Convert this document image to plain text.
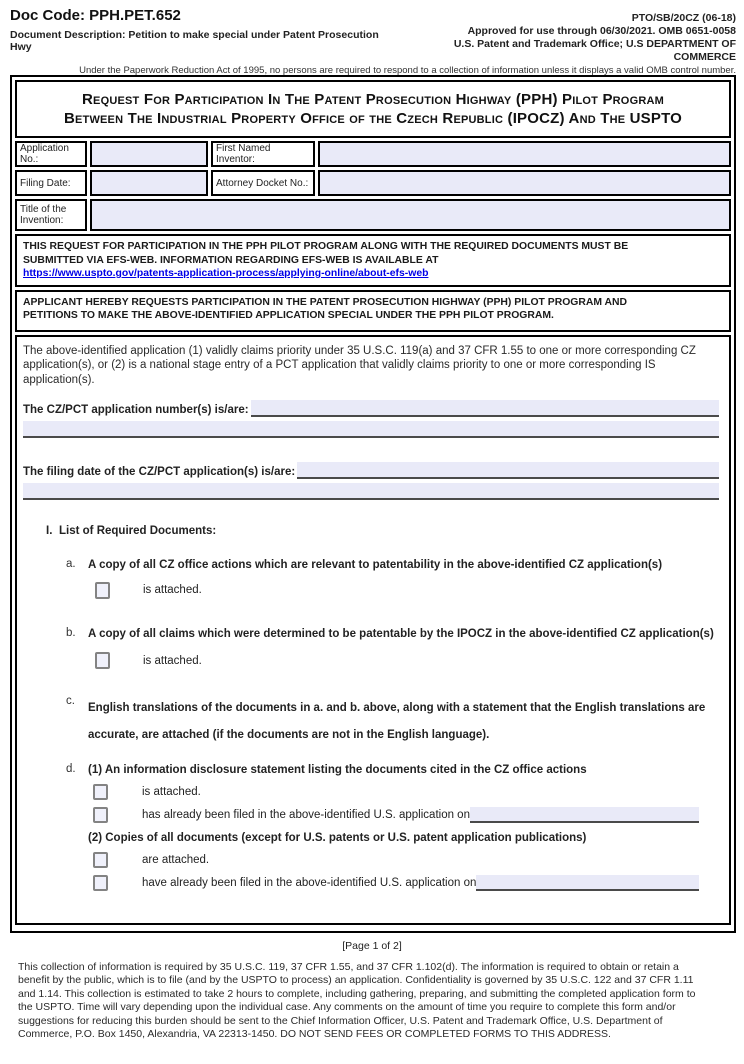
Doc Code: PPH.PET.652
Document Description: Petition to make special under Patent Prosecution Hwy
PTO/SB/20CZ (06-18)
Approved for use through 06/30/2021. OMB 0651-0058
U.S. Patent and Trademark Office; U.S DEPARTMENT OF COMMERCE
Under the Paperwork Reduction Act of 1995, no persons are required to respond to a collection of information unless it displays a valid OMB control number.
Request For Participation In The Patent Prosecution Highway (PPH) Pilot Program
Between The Industrial Property Office of the Czech Republic (IPOCZ) And The USPTO
Application No.:
First Named Inventor:
Filing Date:	Attorney Docket No.:
Title of the Invention:
THIS REQUEST FOR PARTICIPATION IN THE PPH PILOT PROGRAM ALONG WITH THE REQUIRED DOCUMENTS MUST BE
SUBMITTED VIA EFS-WEB. INFORMATION REGARDING EFS-WEB IS AVAILABLE AT
https://www.uspto.gov/patents-application-process/applying-online/about-efs-web
APPLICANT HEREBY REQUESTS PARTICIPATION IN THE PATENT PROSECUTION HIGHWAY (PPH) PILOT PROGRAM AND
PETITIONS TO MAKE THE ABOVE-IDENTIFIED APPLICATION SPECIAL UNDER THE PPH PILOT PROGRAM.
The above-identified application (1) validly claims priority under 35 U.S.C. 119(a) and 37 CFR 1.55 to one or more corresponding CZ application(s), or (2) is a national stage entry of a PCT application that validly claims priority to one or more corresponding IS application(s).
The CZ/PCT application number(s) is/are:
The filing date of the CZ/PCT application(s) is/are:
I. List of Required Documents:
a.	A copy of all CZ office actions which are relevant to patentability in the above-identified CZ application(s)
is attached.
b.	A copy of all claims which were determined to be patentable by the IPOCZ in the above-identified CZ application(s)
is attached.
c.
English translations of the documents in a. and b. above, along with a statement that the English translations are accurate, are attached (if the documents are not in the English language).
d.	(1) An information disclosure statement listing the documents cited in the CZ office actions
is attached.
has already been filed in the above-identified U.S. application on
(2) Copies of all documents (except for U.S. patents or U.S. patent application publications)
are attached.
have already been filed in the above-identified U.S. application on
[Page 1 of 2]
This collection of information is required by 35 U.S.C. 119, 37 CFR 1.55, and 37 CFR 1.102(d). The information is required to obtain or retain a benefit by the public, which is to file (and by the USPTO to process) an application. Confidentiality is governed by 35 U.S.C. 122 and 37 CFR 1.11 and 1.14. This collection is estimated to take 2 hours to complete, including gathering, preparing, and submitting the completed application form to the USPTO. Time will vary depending upon the individual case. Any comments on the amount of time you require to complete this form and/or suggestions for reducing this burden should be sent to the Chief Information Officer, U.S. Patent and Trademark Office, U.S. Department of Commerce, P.O. Box 1450, Alexandria, VA 22313-1450. DO NOT SEND FEES OR COMPLETED FORMS TO THIS ADDRESS.
